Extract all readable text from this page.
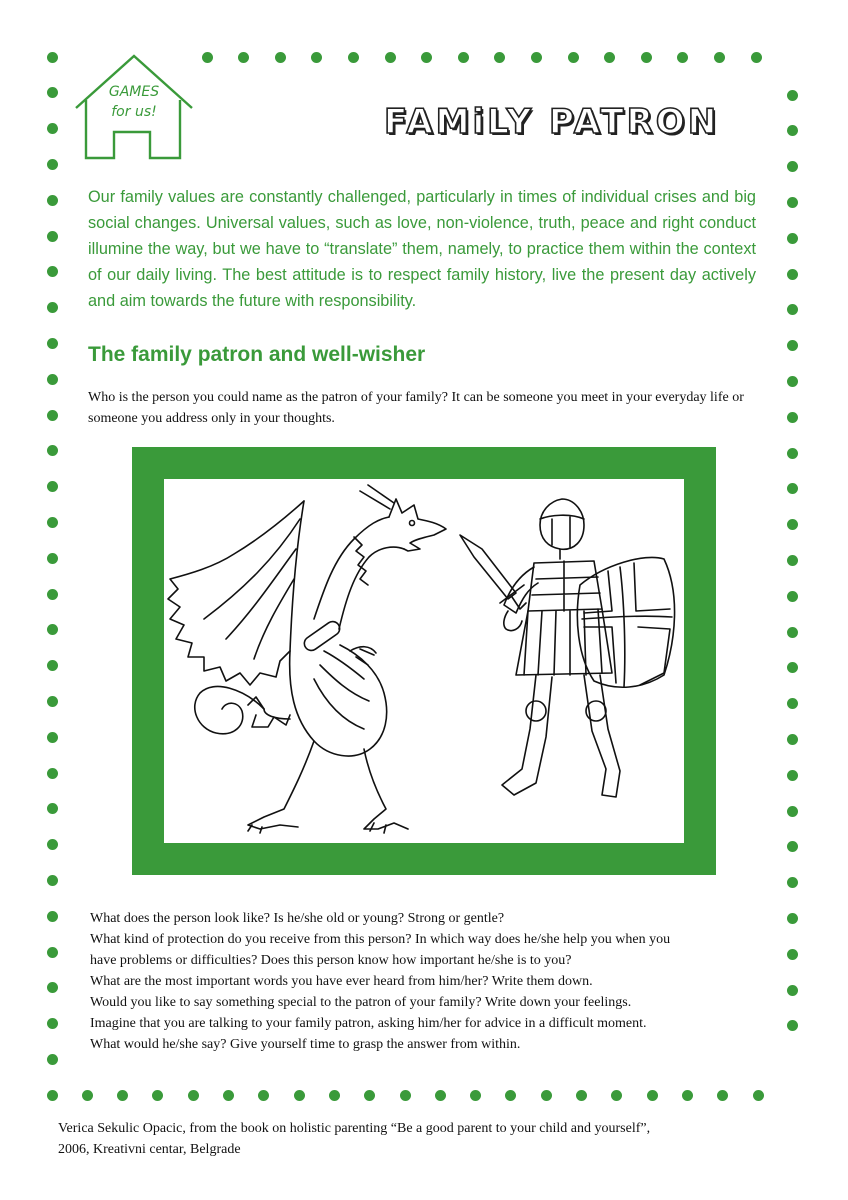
GAMES
for us!	FAMiLY PATRON

Our family values are constantly challenged, particularly in times of individual crises and big social changes. Universal values, such as love, non-violence, truth, peace and right conduct illumine the way, but we have to “translate” them, namely, to practice them within the context of our daily living. The best attitude is to respect family history, live the present day actively and aim towards the future with responsibility.

The family patron and well-wisher

Who is the person you could name as the patron of your family? It can be someone you meet in your everyday life or someone you address only in your thoughts.

What does the person look like? Is he/she old or young? Strong or gentle?
What kind of protection do you receive from this person? In which way does he/she help you when you
have problems or difficulties? Does this person know how important he/she is to you?
What are the most important words you have ever heard from him/her? Write them down.
Would you like to say something special to the patron of your family? Write down your feelings.
Imagine that you are talking to your family patron, asking him/her for advice in a difficult moment.
What would he/she say? Give yourself time to grasp the answer from within.

Verica Sekulic Opacic, from the book on holistic parenting “Be a good parent to your child and yourself”,
2006, Kreativni centar, Belgrade
